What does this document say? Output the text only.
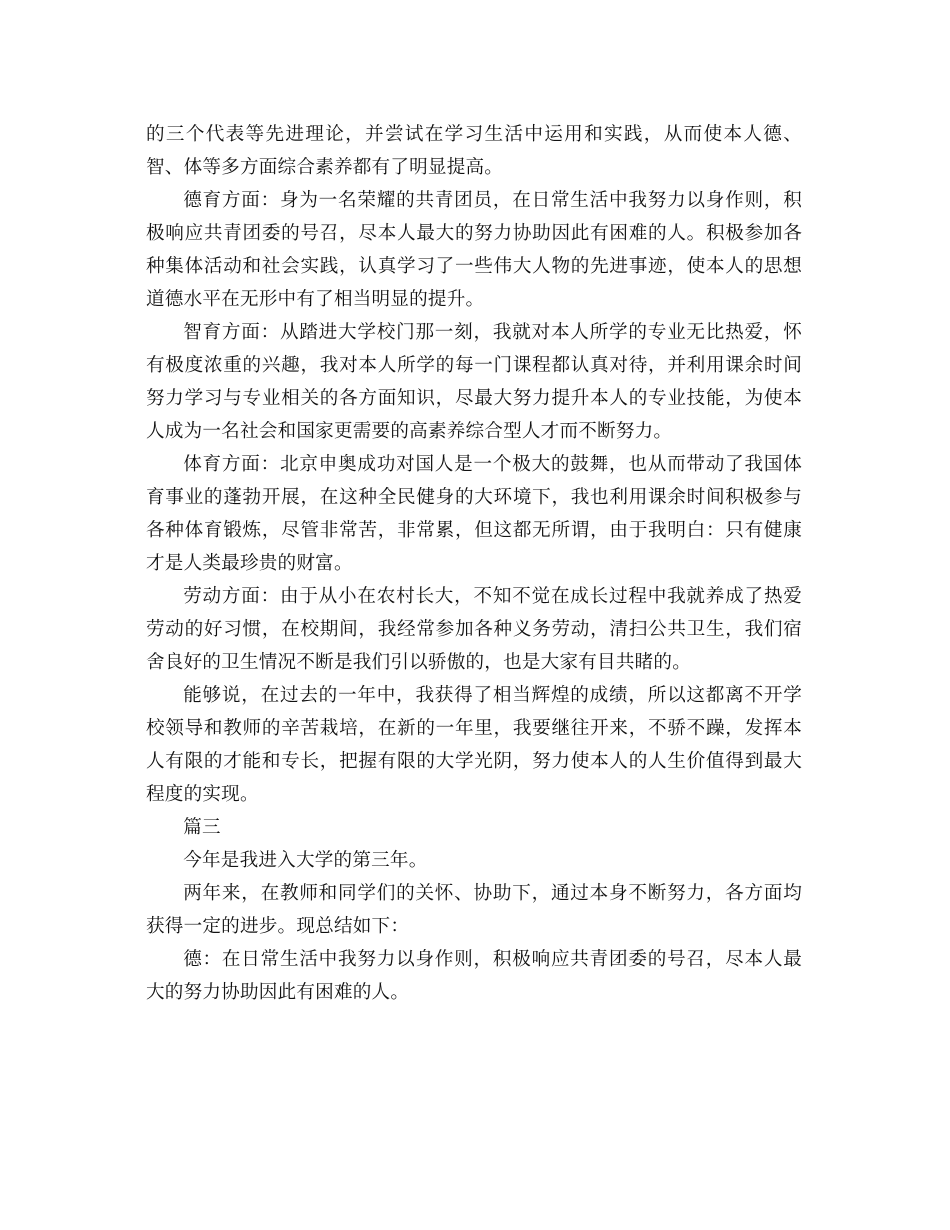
的三个代表等先进理论，并尝试在学习生活中运用和实践，从而使本人德、智、体等多方面综合素养都有了明显提高。

德育方面：身为一名荣耀的共青团员，在日常生活中我努力以身作则，积极响应共青团委的号召，尽本人最大的努力协助因此有困难的人。积极参加各种集体活动和社会实践，认真学习了一些伟大人物的先进事迹，使本人的思想道德水平在无形中有了相当明显的提升。

智育方面：从踏进大学校门那一刻，我就对本人所学的专业无比热爱，怀有极度浓重的兴趣，我对本人所学的每一门课程都认真对待，并利用课余时间努力学习与专业相关的各方面知识，尽最大努力提升本人的专业技能，为使本人成为一名社会和国家更需要的高素养综合型人才而不断努力。

体育方面：北京申奥成功对国人是一个极大的鼓舞，也从而带动了我国体育事业的蓬勃开展，在这种全民健身的大环境下，我也利用课余时间积极参与各种体育锻炼，尽管非常苦，非常累，但这都无所谓，由于我明白：只有健康才是人类最珍贵的财富。

劳动方面：由于从小在农村长大，不知不觉在成长过程中我就养成了热爱劳动的好习惯，在校期间，我经常参加各种义务劳动，清扫公共卫生，我们宿舍良好的卫生情况不断是我们引以骄傲的，也是大家有目共睹的。

能够说，在过去的一年中，我获得了相当辉煌的成绩，所以这都离不开学校领导和教师的辛苦栽培，在新的一年里，我要继往开来，不骄不躁，发挥本人有限的才能和专长，把握有限的大学光阴，努力使本人的人生价值得到最大程度的实现。

篇三

今年是我进入大学的第三年。

两年来，在教师和同学们的关怀、协助下，通过本身不断努力，各方面均获得一定的进步。现总结如下：

德：在日常生活中我努力以身作则，积极响应共青团委的号召，尽本人最大的努力协助因此有困难的人。
